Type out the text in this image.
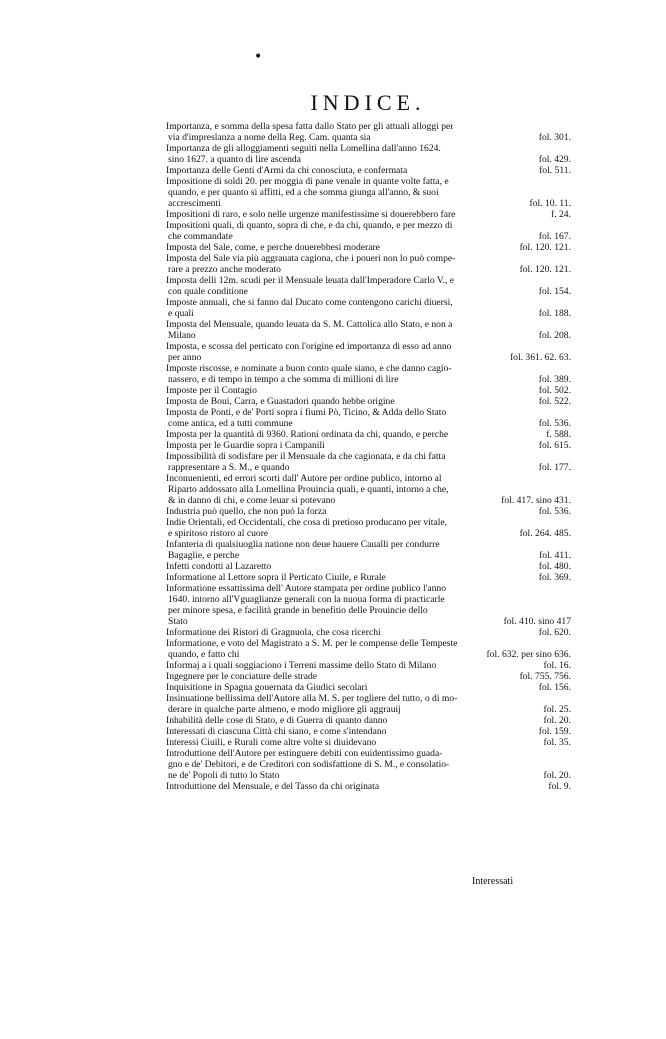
•
INDICE.
Importanza, e somma della spesa fatta dallo Stato per gli attuali alloggi per
via d'impreslanza a nome della Reg. Cam. quanta sia	fol. 301.
Importanza de gli alloggiamenti seguiti nella Lomellina dall'anno 1624.
sino 1627. a quanto di lire ascenda	fol. 429.
Importanza delle Genti d'Armi da chi conosciuta, e confermata	fol. 511.
Impositione di soldi 20. per moggia di pane venale in quante volte fatta, e
quando, e per quanto si affitti, ed a che somma giunga all'anno, & suoi
accrescimenti	fol. 10. 11.
Impositioni di raro, e solo nelle urgenze manifestissime si douerebbero fare	f. 24.
Impositioni quali, di quanto, sopra di che, e da chi, quando, e per mezzo di
che commandate	fol. 167.
Imposta del Sale, come, e perche douerebbesi moderare	fol. 120. 121.
Imposta del Sale via più aggrauata cagiona, che i poueri non lo può compe-
rare a prezzo anche moderato	fol. 120. 121.
Imposta delli 12m. scudi per il Mensuale leuata dall'Imperadore Carlo V., e
con quale conditione	fol. 154.
Imposte annuali, che si fanno dal Ducato come contengono carichi diuersi,
e quali	fol. 188.
Imposta del Mensuale, quando leuata da S. M. Cattolica allo Stato, e non a
Milano	fol. 208.
Imposta, e scossa del perticato con l'origine ed importanza di esso ad anno
per anno	fol. 361. 62. 63.
Imposte riscosse, e nominate a buon conto quale siano, e che danno cagio-
nassero, e di tempo in tempo a che somma di millioni di lire	fol. 389.
Imposte per il Contagio	fol. 502.
Imposta de Boui, Carra, e Guastadori quando hebbe origine	fol. 522.
Imposta de Ponti, e de' Porti sopra i fiumi Pò, Ticino, & Adda dello Stato
come antica, ed a tutti commune	fol. 536.
Imposta per la quantità di 9360. Rationi ordinata da chi, quando, e perche	f. 588.
Imposta per le Guardie sopra i Campanili	fol. 615.
Impossibilità di sodisfare per il Mensuale da che cagionata, e da chi fatta
rappresentare a S. M., e quando	fol. 177.
Inconuenienti, ed errori scorti dall' Autore per ordine publico, intorno al
Riparto addossato alla Lomellina Prouincia quali, e quanti, intorno a che,
& in danno di chi, e come leuar si potevano	fol. 417. sino 431.
Industria può quello, che non può la forza	fol. 536.
Indie Orientali, ed Occidentali, che cosa di pretioso producano per vitale,
e spiritoso ristoro al cuore	fol. 264. 485.
Infanteria di qualsiuoglia natione non deue hauere Caualli per condurre
Bagaglie, e perche	fol. 411.
Infetti condotti al Lazaretto	fol. 480.
Informatione al Lettore sopra il Perticato Ciuile, e Rurale	fol. 369.
Informatione essattissima dell' Autore stampata per ordine publico l'anno
1640. intorno all'Vguaglianze generali con la nuoua forma di practicarle
per minore spesa, e facilità grande in benefitio delle Prouincie dello
Stato	fol. 410. sino 417
Informatione dei Ristori di Gragnuola, che cosa ricerchi	fol. 620.
Informatione, e voto del Magistrato a S. M. per le compense delle Tempeste
quando, e fatto chi	fol. 632. per sino 636.
Informaj a i quali soggiaciono i Terreni massime dello Stato di Milano	fol. 16.
Ingegnere per le conciature delle strade	fol. 755. 756.
Inquisitione in Spagna gouernata da Giudici secolari	fol. 156.
Insinuatione bellissima dell'Autore alla M. S. per togliere del tutto, o di mo-
derare in qualche parte almeno, e modo migliore gli aggrauij	fol. 25.
Inhabilità delle cose di Stato, e di Guerra di quanto danno	fol. 20.
Interessati di ciascuna Città chi siano, e come s'intendano	fol. 159.
Interessi Ciuili, e Rurali come altre volte si diuidevano	fol. 35.
Introduttione dell'Autore per estinguere debiti con euidentissimo guada-
gno e de' Debitori, e de Creditori con sodisfattione di S. M., e consolatio-
ne de' Popoli di tutto lo Stato	fol. 20.
Introduttione del Mensuale, e del Tasso da chi originata	fol. 9.
Interessati
